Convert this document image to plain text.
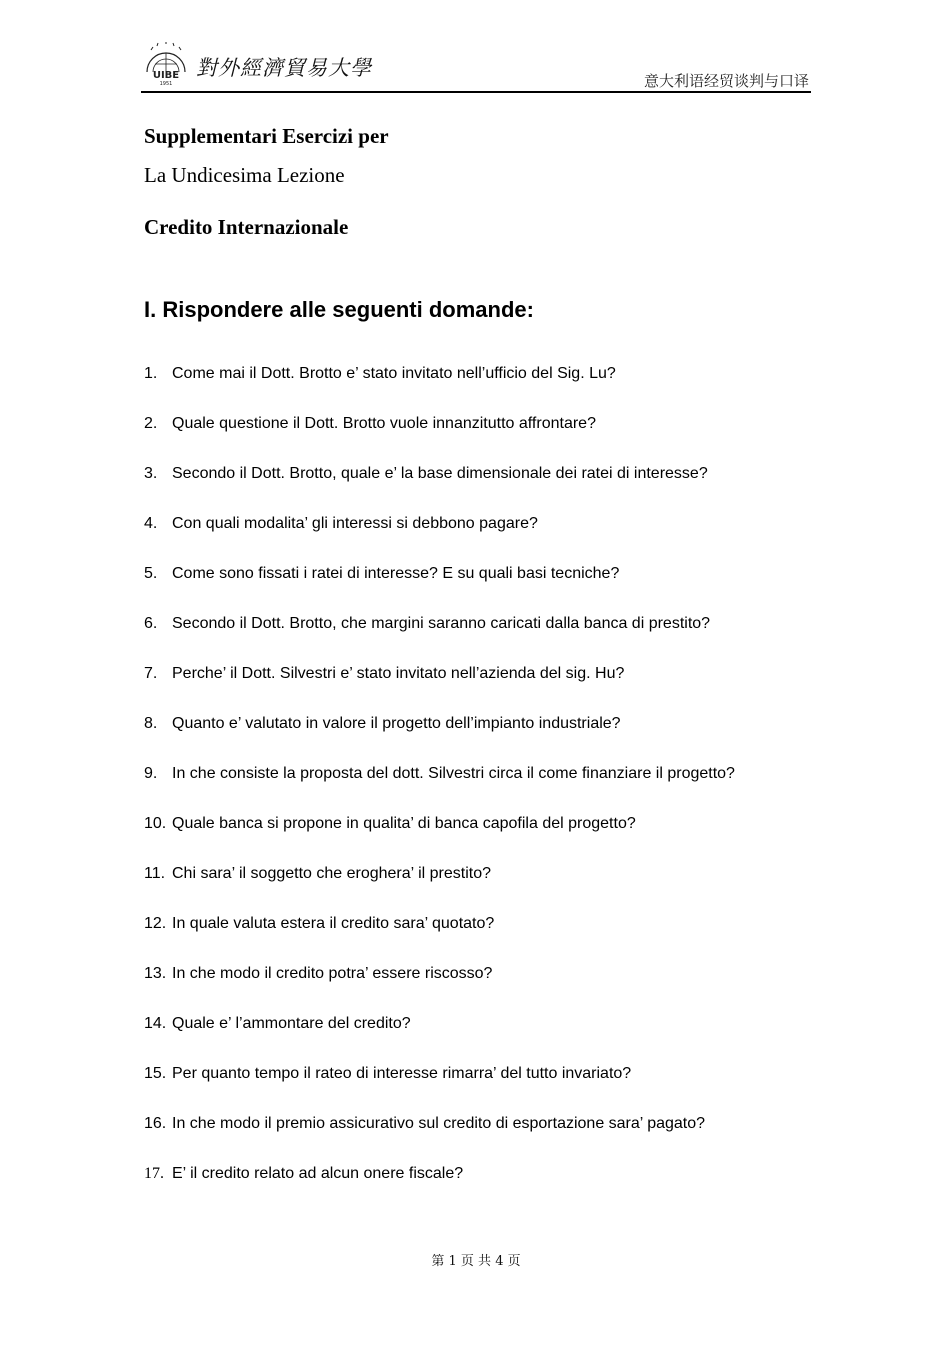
UIBE
1951
對外經濟貿易大學
意大利语经贸谈判与口译
Supplementari Esercizi per
La Undicesima Lezione
Credito Internazionale
I. Rispondere alle seguenti domande:
1. Come mai il Dott. Brotto e’ stato invitato nell’ufficio del Sig. Lu?
2. Quale questione il Dott. Brotto vuole innanzitutto affrontare?
3. Secondo il Dott. Brotto, quale e’ la base dimensionale dei ratei di interesse?
4. Con quali modalita’ gli interessi si debbono pagare?
5. Come sono fissati i ratei di interesse? E su quali basi tecniche?
6. Secondo il Dott. Brotto, che margini saranno caricati dalla banca di prestito?
7. Perche’ il Dott. Silvestri e’ stato invitato nell’azienda del sig. Hu?
8. Quanto e’ valutato in valore il progetto dell’impianto industriale?
9. In che consiste la proposta del dott. Silvestri circa il come finanziare il progetto?
10. Quale banca si propone in qualita’ di banca capofila del progetto?
11. Chi sara’ il soggetto che eroghera’ il prestito?
12. In quale valuta estera il credito sara’ quotato?
13. In che modo il credito potra’ essere riscosso?
14. Quale e’ l’ammontare del credito?
15. Per quanto tempo il rateo di interesse rimarra’ del tutto invariato?
16. In che modo il premio assicurativo sul credito di esportazione sara’ pagato?
17. E’ il credito relato ad alcun onere fiscale?
第 1 页 共 4 页
